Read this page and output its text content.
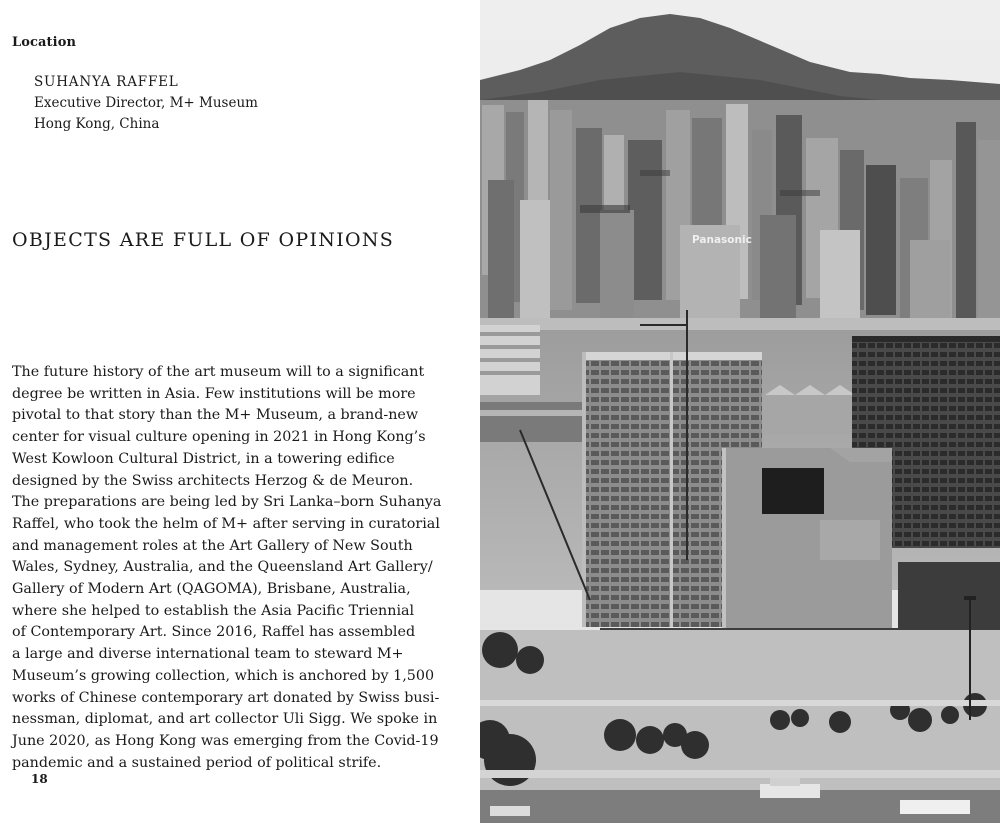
Location
SUHANYA RAFFEL
Executive Director, M+ Museum
Hong Kong, China
OBJECTS ARE FULL OF OPINIONS
The future history of the art museum will to a significant
degree be written in Asia. Few institutions will be more
pivotal to that story than the M+ Museum, a brand-new
center for visual culture opening in 2021 in Hong Kong’s
West Kowloon Cultural District, in a towering edifice
designed by the Swiss architects Herzog & de Meuron.
The preparations are being led by Sri Lanka–born Suhanya
Raffel, who took the helm of M+ after serving in curatorial
and management roles at the Art Gallery of New South
Wales, Sydney, Australia, and the Queensland Art Gallery/
Gallery of Modern Art (QAGOMA), Brisbane, Australia,
where she helped to establish the Asia Pacific Triennial
of Contemporary Art. Since 2016, Raffel has assembled
a large and diverse international team to steward M+
Museum’s growing collection, which is anchored by 1,500
works of Chinese contemporary art donated by Swiss busi-
nessman, diplomat, and art collector Uli Sigg. We spoke in
June 2020, as Hong Kong was emerging from the Covid-19
pandemic and a sustained period of political strife.
18
Panasonic
